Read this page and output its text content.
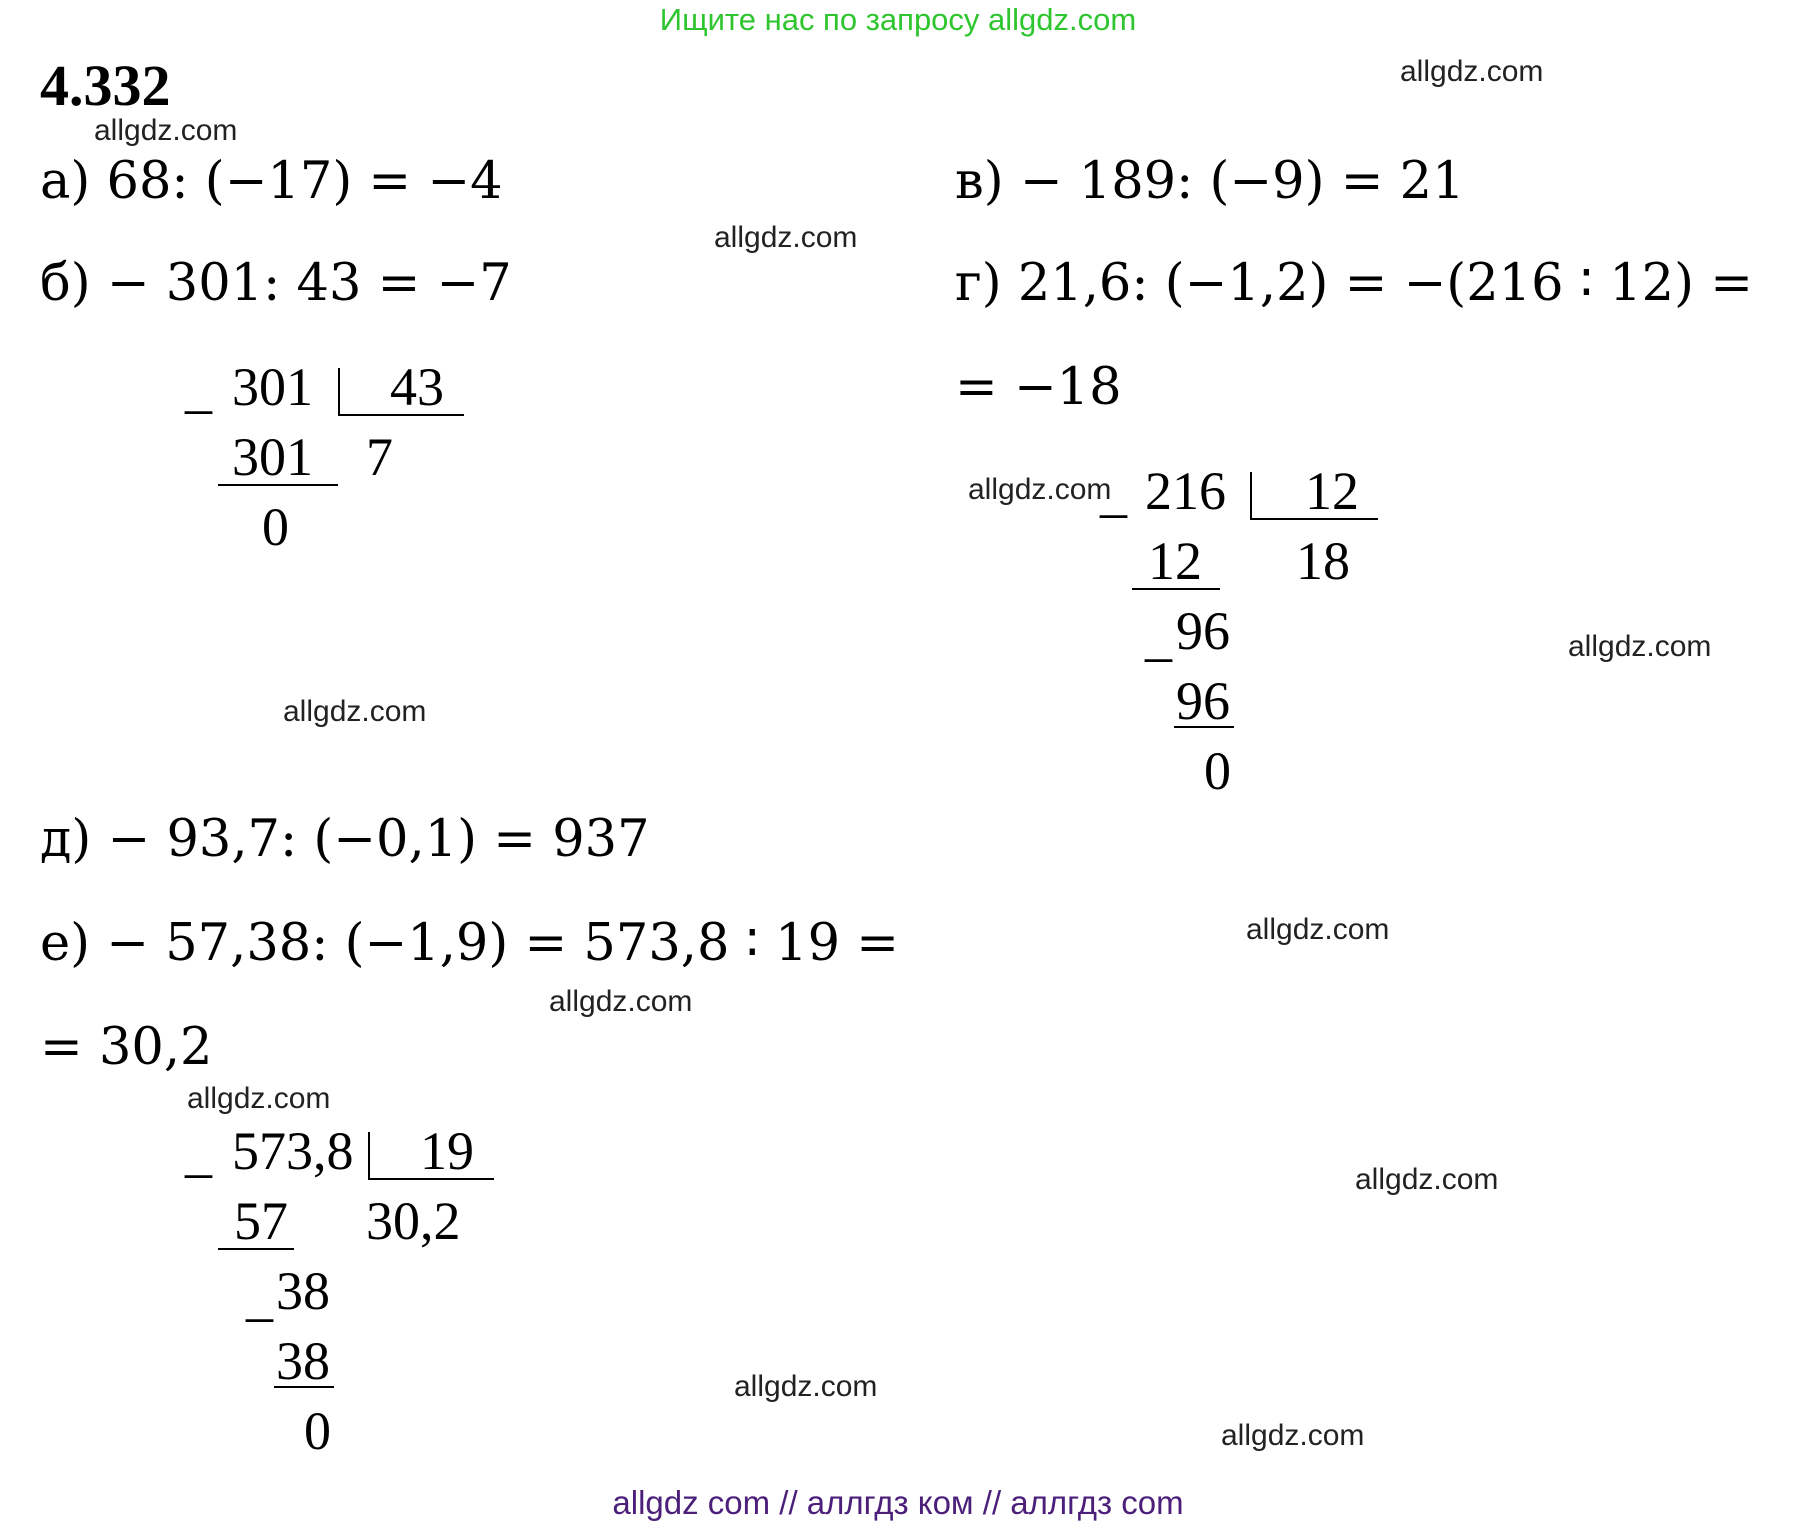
Ищите нас по запросу allgdz.com
4.332
allgdz.com
allgdz.com
allgdz.com
allgdz.com
allgdz.com
allgdz.com
allgdz.com
allgdz.com
allgdz.com
allgdz.com
allgdz.com
allgdz.com
а) 68: (−17) = −4
б) − 301: 43 = −7
в) − 189: (−9) = 21
г) 21,6: (−1,2) = −(216 ∶ 12) =
= −18
д) − 93,7: (−0,1) = 937
е) − 57,38: (−1,9) = 573,8 ∶ 19 =
= 30,2
_ 301 43
301 7
0
_ 216 12
12 18
_ 96
96
0
_ 573,8 19
57 30,2
_ 38
38
0
allgdz com // аллгдз ком // аллгдз com
